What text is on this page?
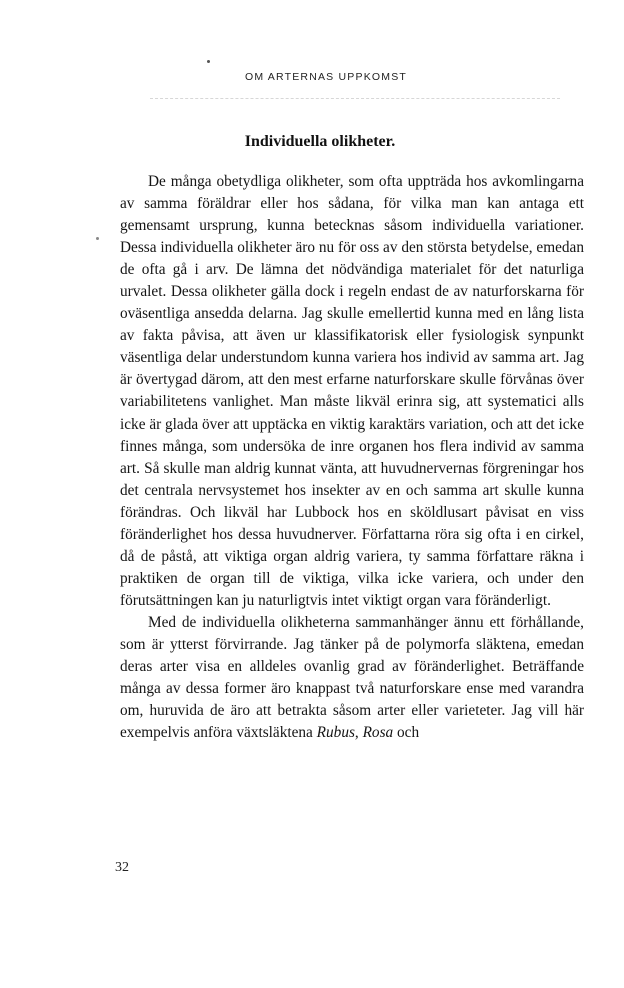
OM ARTERNAS UPPKOMST
Individuella olikheter.

De många obetydliga olikheter, som ofta uppträda hos avkomlingarna av samma föräldrar eller hos sådana, för vilka man kan antaga ett gemensamt ursprung, kunna betecknas såsom individuella variationer. Dessa individuella olikheter äro nu för oss av den största betydelse, emedan de ofta gå i arv. De lämna det nödvändiga materialet för det naturliga urvalet. Dessa olikheter gälla dock i regeln endast de av naturforskarna för oväsentliga ansedda delarna. Jag skulle emellertid kunna med en lång lista av fakta påvisa, att även ur klassifikatorisk eller fysiologisk synpunkt väsentliga delar understundom kunna variera hos individ av samma art. Jag är övertygad därom, att den mest erfarne naturforskare skulle förvånas över variabilitetens vanlighet. Man måste likväl erinra sig, att systematici alls icke är glada över att upptäcka en viktig karaktärs variation, och att det icke finnes många, som undersöka de inre organen hos flera individ av samma art. Så skulle man aldrig kunnat vänta, att huvudnervernas förgreningar hos det centrala nervsystemet hos insekter av en och samma art skulle kunna förändras. Och likväl har Lubbock hos en sköldlusart påvisat en viss föränderlighet hos dessa huvudnerver. Författarna röra sig ofta i en cirkel, då de påstå, att viktiga organ aldrig variera, ty samma författare räkna i praktiken de organ till de viktiga, vilka icke variera, och under den förutsättningen kan ju naturligtvis intet viktigt organ vara föränderligt.

Med de individuella olikheterna sammanhänger ännu ett förhållande, som är ytterst förvirrande. Jag tänker på de polymorfa släktena, emedan deras arter visa en alldeles ovanlig grad av föränderlighet. Beträffande många av dessa former äro knappast två naturforskare ense med varandra om, huruvida de äro att betrakta såsom arter eller varieteter. Jag vill här exempelvis anföra växtsläktena Rubus, Rosa och

32
